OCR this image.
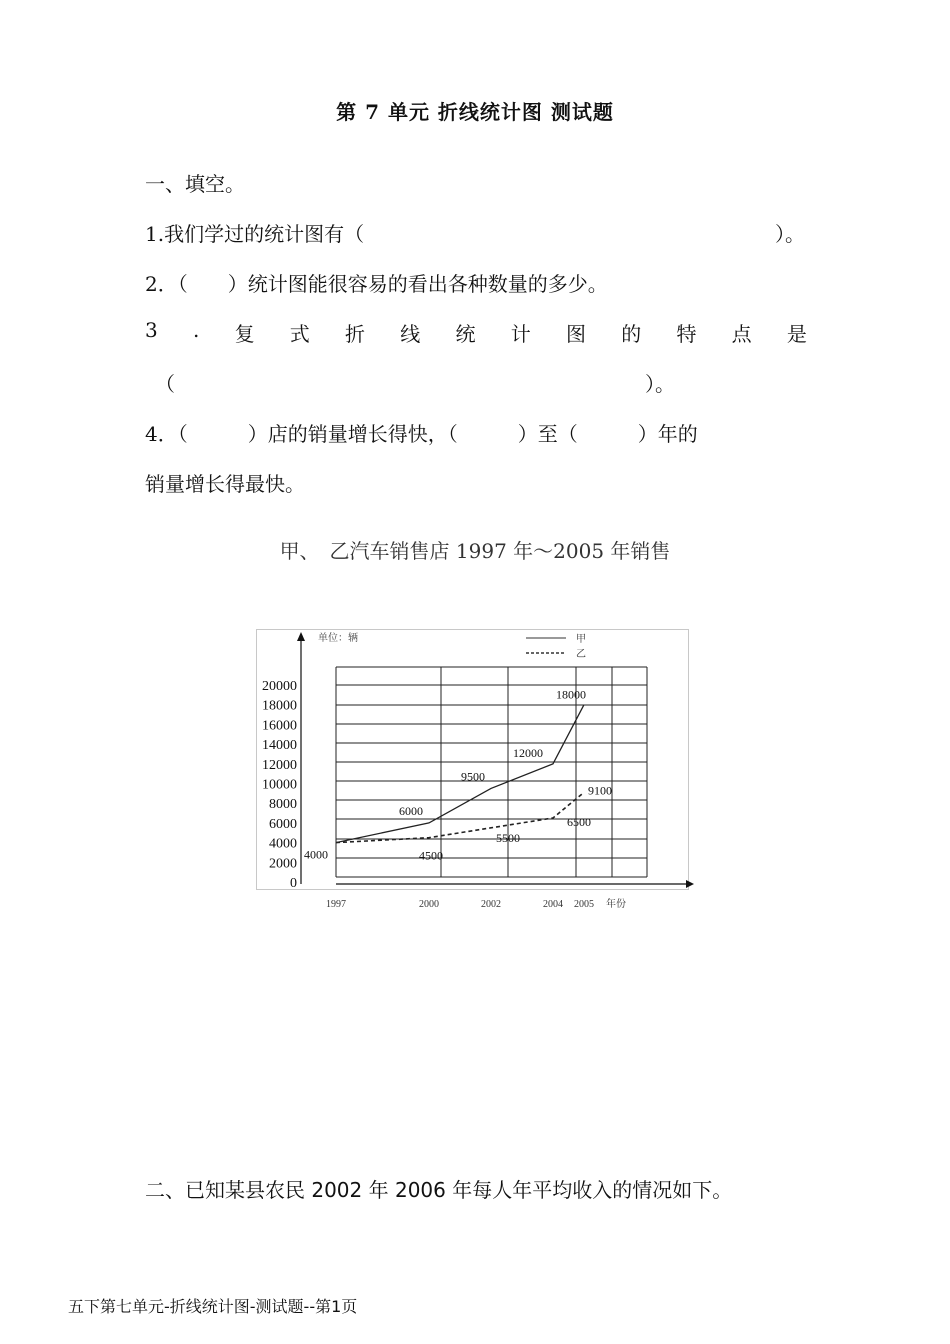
第 7 单元 折线统计图 测试题
一、填空。
1.我们学过的统计图有（	）。
2．（　　）统计图能很容易的看出各种数量的多少。
3 . 复 式 折 线 统 计 图 的 特 点 是
（	）。
4．（　　　）店的销量增长得快，（　　　）至（　　　）年的
销量增长得最快。
甲、　乙汽车销售店 1997 年～2005 年销售
单位：辆	甲
乙
0
2000
4000
6000
8000
10000
12000
14000
16000
18000
20000
1997	2000	2002	2004 2005 年份
4000
6000
9500
12000
18000
4500
5500
6500
9100
二、已知某县农民 2002 年 2006 年每人年平均收入的情况如下。
五下第七单元-折线统计图-测试题--第1页
